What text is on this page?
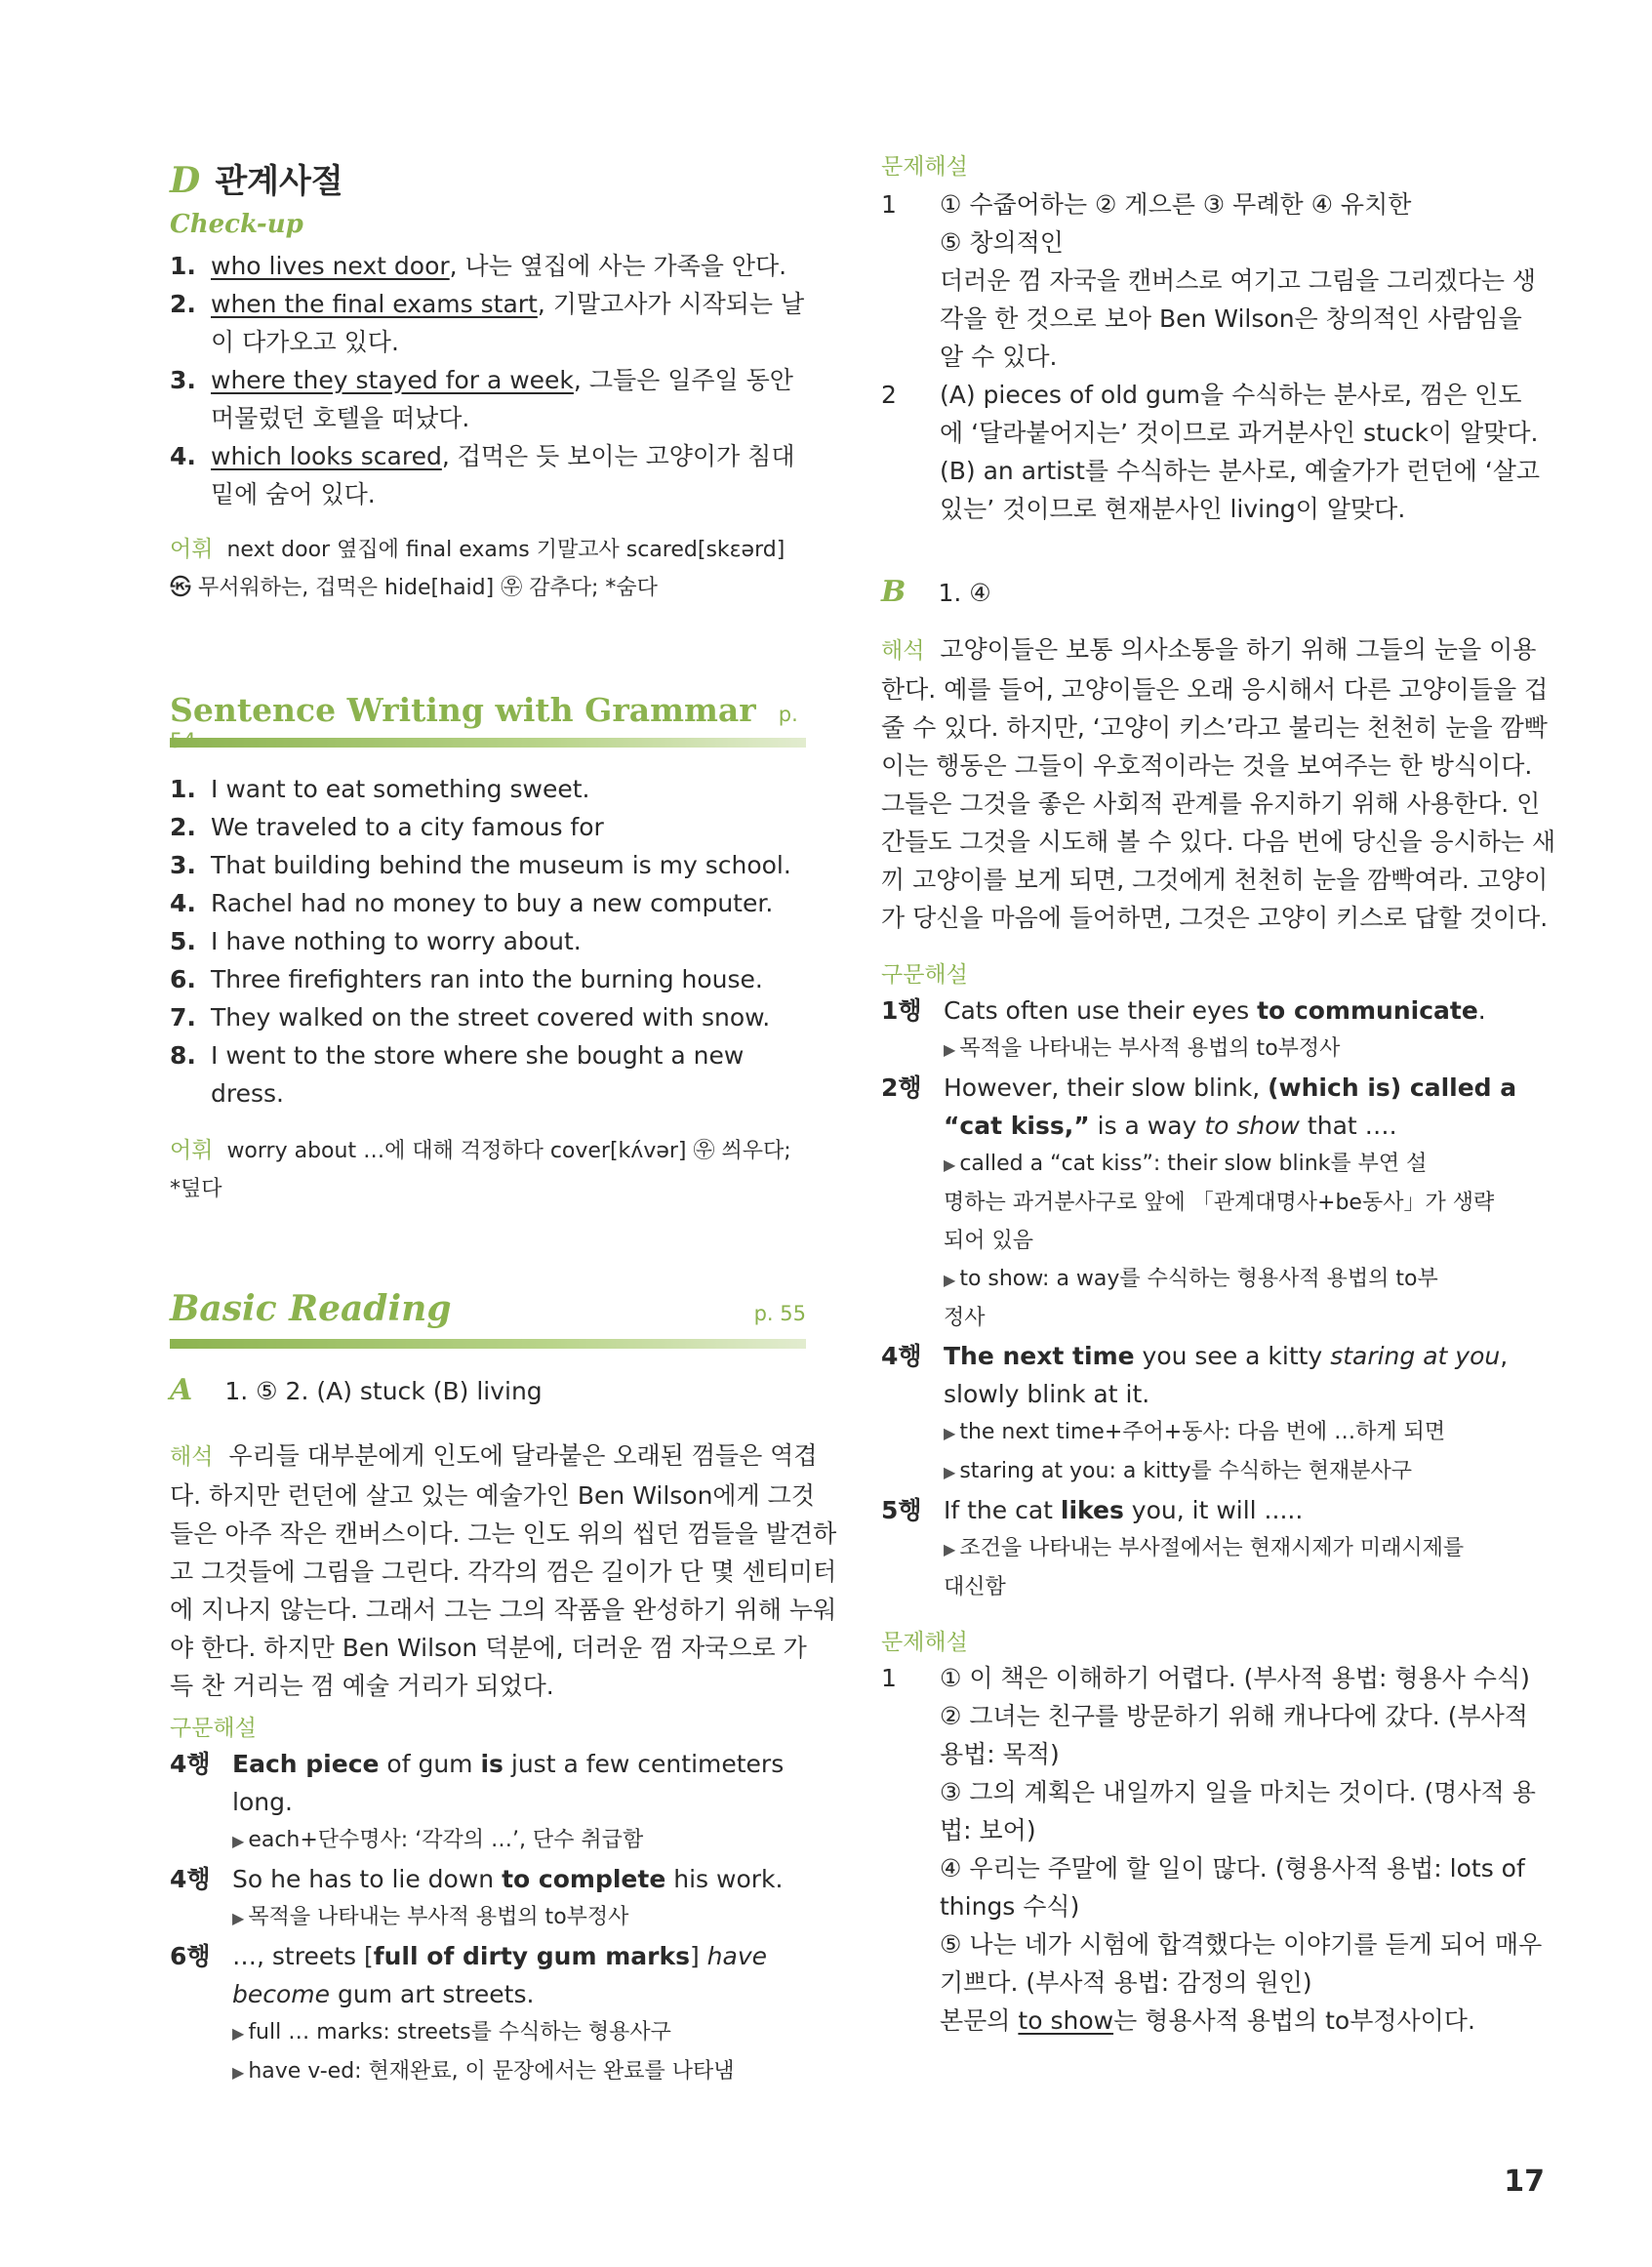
D 관계사절
Check-up
1. who lives next door, 나는 옆집에 사는 가족을 안다.
2. when the final exams start, 기말고사가 시작되는 날
이 다가오고 있다.
3. where they stayed for a week, 그들은 일주일 동안
머물렀던 호텔을 떠났다.
4. which looks scared, 겁먹은 듯 보이는 고양이가 침대
밑에 숨어 있다.
어휘 next door 옆집에 final exams 기말고사 scared[skεərd]
㉿ 무서워하는, 겁먹은 hide[haid] ㉾ 감추다; *숨다
Sentence Writing with Grammar p.
1. I want to eat something sweet.
2. We traveled to a city famous for
3. That building behind the museum is my school.
4. Rachel had no money to buy a new computer.
5. I have nothing to worry about.
6. Three firefighters ran into the burning house.
7. They walked on the street covered with snow.
8. I went to the store where she bought a new
dress.
어휘 worry about …에 대해 걱정하다 cover[kʌ́vər] ㉾ 씌우다;
*덮다
Basic Reading	p. 55
A 1. ⑤ 2. (A) stuck (B) living
해석 우리들 대부분에게 인도에 달라붙은 오래된 껌들은 역겹
다. 하지만 런던에 살고 있는 예술가인 Ben Wilson에게 그것
들은 아주 작은 캔버스이다. 그는 인도 위의 씹던 껌들을 발견하
고 그것들에 그림을 그린다. 각각의 껌은 길이가 단 몇 센티미터
에 지나지 않는다. 그래서 그는 그의 작품을 완성하기 위해 누워
야 한다. 하지만 Ben Wilson 덕분에, 더러운 껌 자국으로 가
득 찬 거리는 껌 예술 거리가 되었다.
구문해설
4행 Each piece of gum is just a few centimeters
long.
▶ each+단수명사: ‘각각의 …’, 단수 취급함
4행 So he has to lie down to complete his work.
▶ 목적을 나타내는 부사적 용법의 to부정사
6행 …, streets [full of dirty gum marks] have
become gum art streets.
▶ full … marks: streets를 수식하는 형용사구
▶ have v-ed: 현재완료, 이 문장에서는 완료를 나타냄
문제해설
1 ① 수줍어하는 ② 게으른 ③ 무례한 ④ 유치한
⑤ 창의적인
더러운 껌 자국을 캔버스로 여기고 그림을 그리겠다는 생
각을 한 것으로 보아 Ben Wilson은 창의적인 사람임을
알 수 있다.
2 (A) pieces of old gum을 수식하는 분사로, 껌은 인도
에 ‘달라붙어지는’ 것이므로 과거분사인 stuck이 알맞다.
(B) an artist를 수식하는 분사로, 예술가가 런던에 ‘살고
있는’ 것이므로 현재분사인 living이 알맞다.
B 1. ④
해석 고양이들은 보통 의사소통을 하기 위해 그들의 눈을 이용
한다. 예를 들어, 고양이들은 오래 응시해서 다른 고양이들을 겁
줄 수 있다. 하지만, ‘고양이 키스’라고 불리는 천천히 눈을 깜빡
이는 행동은 그들이 우호적이라는 것을 보여주는 한 방식이다.
그들은 그것을 좋은 사회적 관계를 유지하기 위해 사용한다. 인
간들도 그것을 시도해 볼 수 있다. 다음 번에 당신을 응시하는 새
끼 고양이를 보게 되면, 그것에게 천천히 눈을 깜빡여라. 고양이
가 당신을 마음에 들어하면, 그것은 고양이 키스로 답할 것이다.
구문해설
1행 Cats often use their eyes to communicate.
▶ 목적을 나타내는 부사적 용법의 to부정사
2행 However, their slow blink, (which is) called a
“cat kiss,” is a way to show that ….
▶ called a “cat kiss”: their slow blink를 부연 설
명하는 과거분사구로 앞에 「관계대명사+be동사」가 생략
되어 있음
▶ to show: a way를 수식하는 형용사적 용법의 to부
정사
4행 The next time you see a kitty staring at you,
slowly blink at it.
▶ the next time+주어+동사: 다음 번에 …하게 되면
▶ staring at you: a kitty를 수식하는 현재분사구
5행 If the cat likes you, it will .....
▶ 조건을 나타내는 부사절에서는 현재시제가 미래시제를
대신함
문제해설
1 ① 이 책은 이해하기 어렵다. (부사적 용법: 형용사 수식)
② 그녀는 친구를 방문하기 위해 캐나다에 갔다. (부사적
용법: 목적)
③ 그의 계획은 내일까지 일을 마치는 것이다. (명사적 용
법: 보어)
④ 우리는 주말에 할 일이 많다. (형용사적 용법: lots of
things 수식)
⑤ 나는 네가 시험에 합격했다는 이야기를 듣게 되어 매우
기쁘다. (부사적 용법: 감정의 원인)
본문의 to show는 형용사적 용법의 to부정사이다.
17
